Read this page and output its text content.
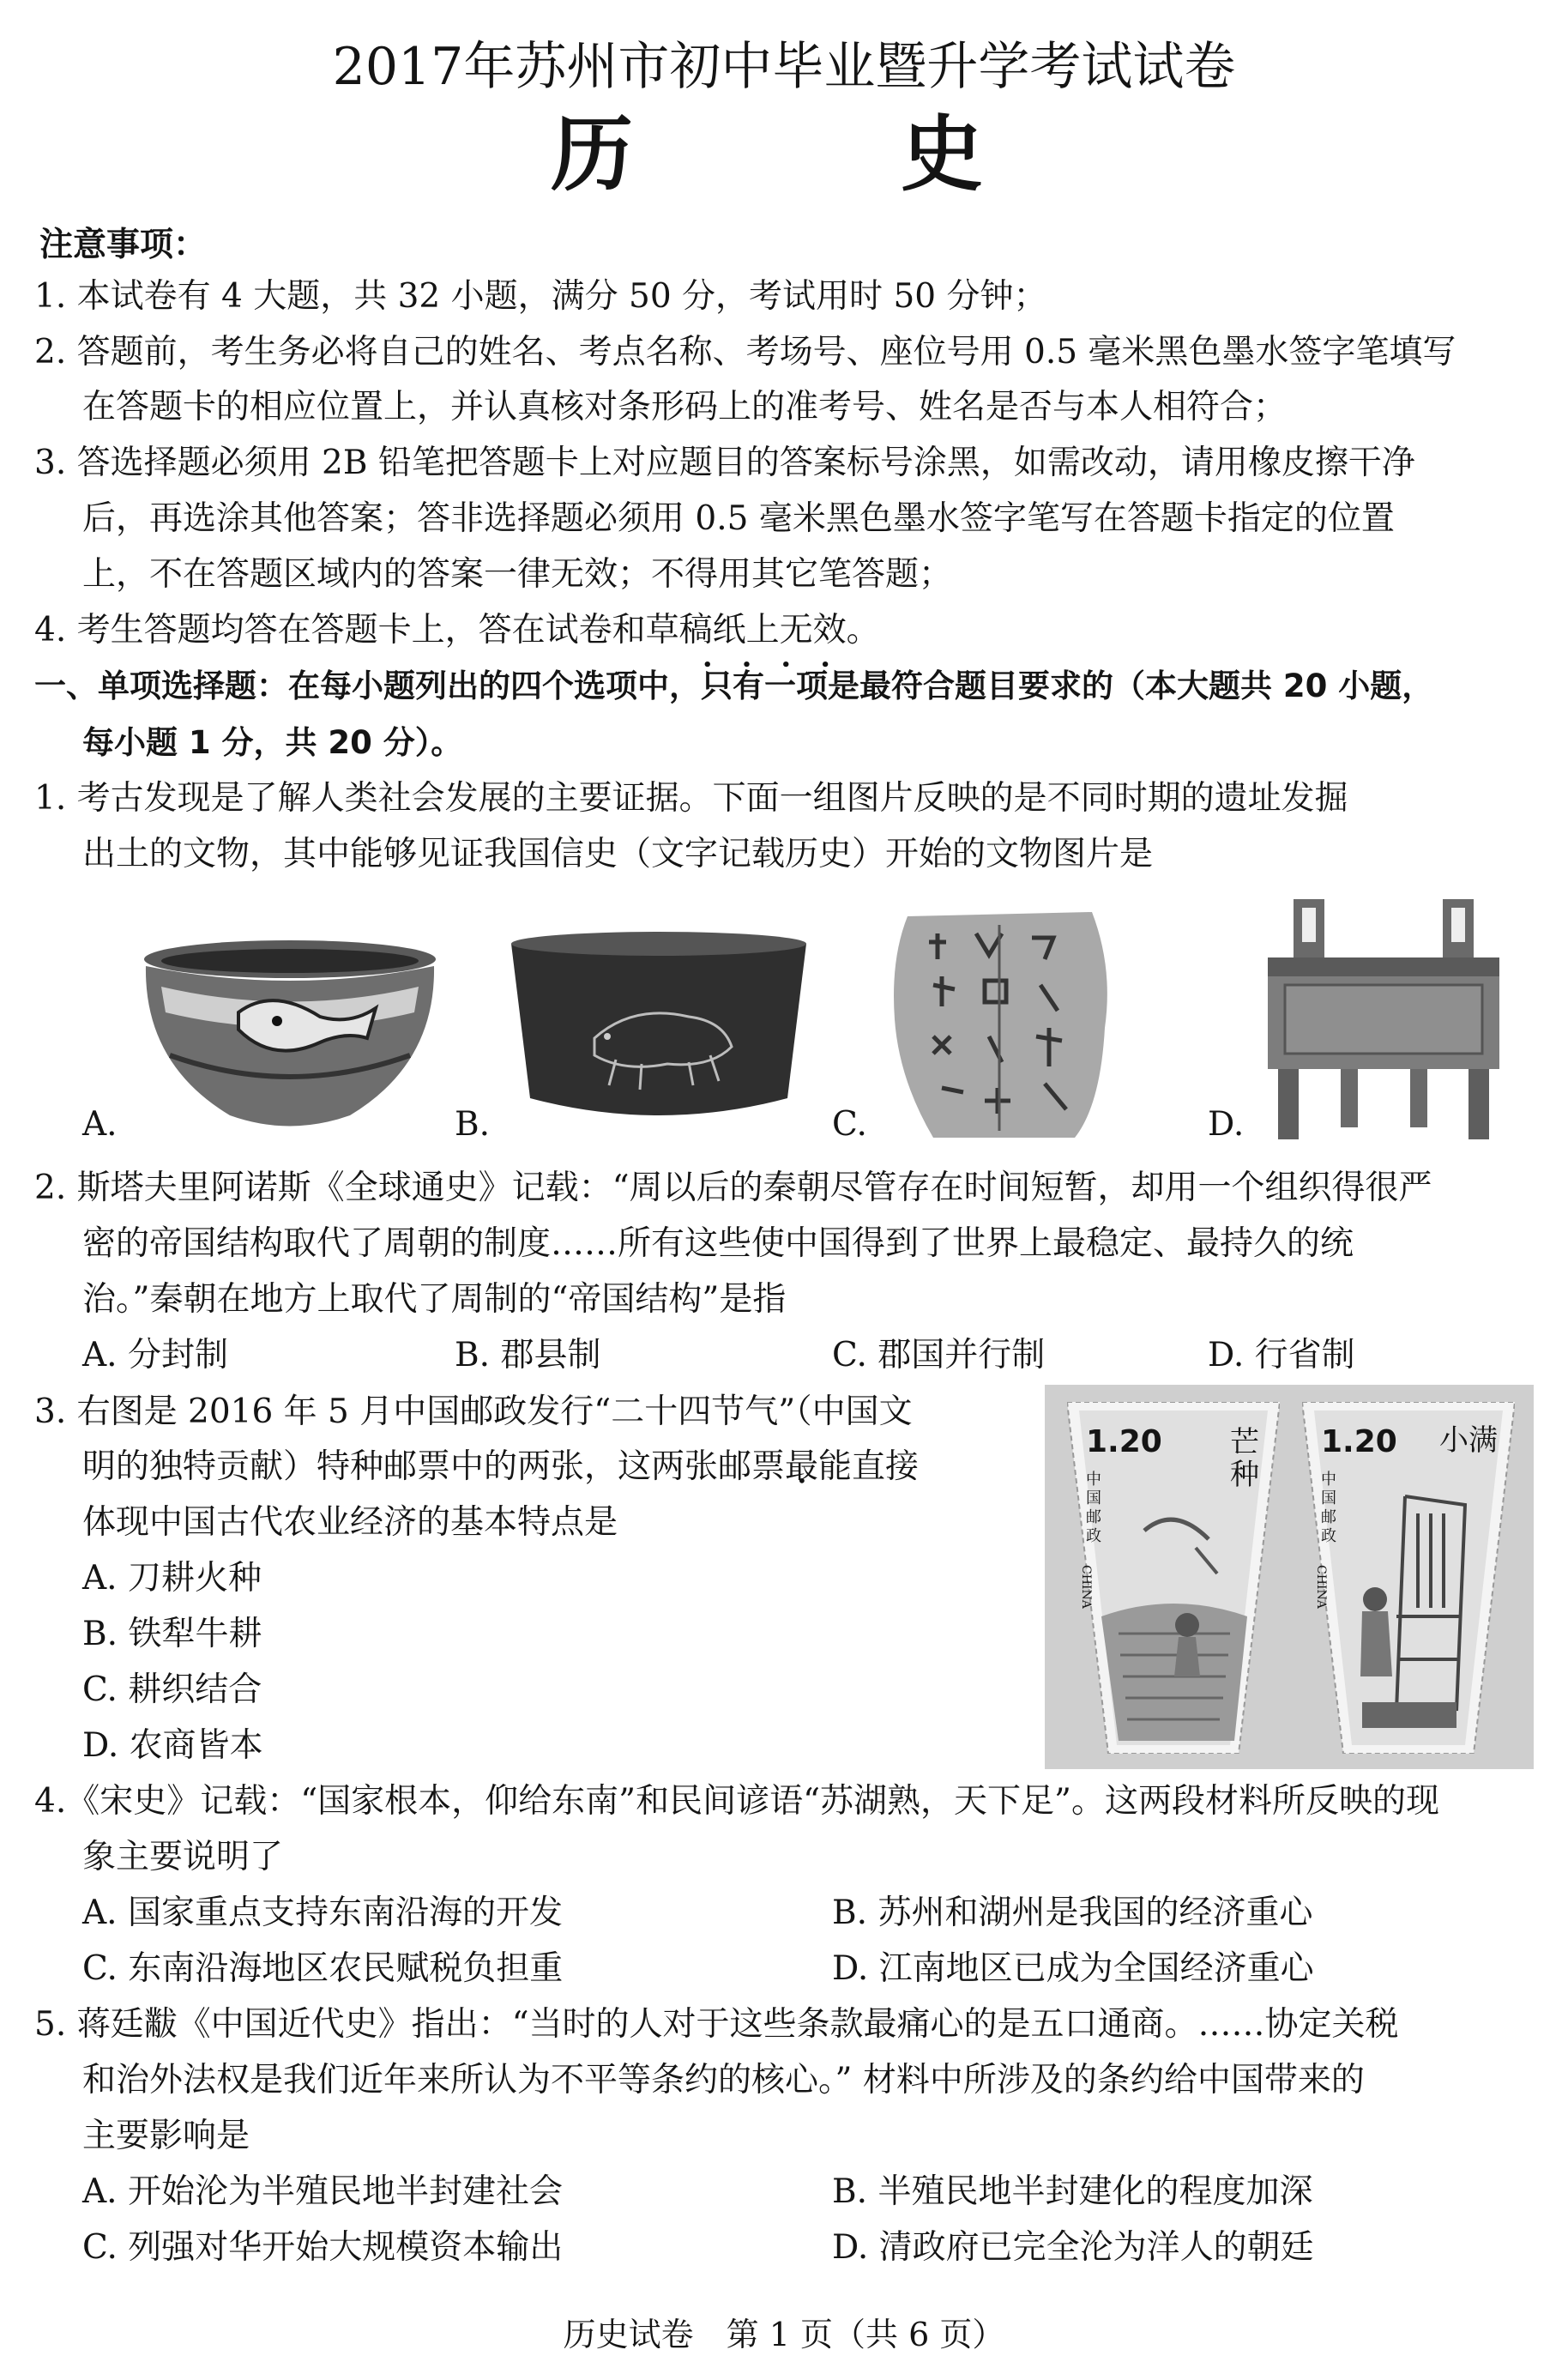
2017年苏州市初中毕业暨升学考试试卷
历　　史
注意事项：
1. 本试卷有 4 大题，共 32 小题，满分 50 分，考试用时 50 分钟；
2. 答题前，考生务必将自己的姓名、考点名称、考场号、座位号用 0.5 毫米黑色墨水签字笔填写
在答题卡的相应位置上，并认真核对条形码上的准考号、姓名是否与本人相符合；
3. 答选择题必须用 2B 铅笔把答题卡上对应题目的答案标号涂黑，如需改动，请用橡皮擦干净
后，再选涂其他答案；答非选择题必须用 0.5 毫米黑色墨水签字笔写在答题卡指定的位置
上，不在答题区域内的答案一律无效；不得用其它笔答题；
4. 考生答题均答在答题卡上，答在试卷和草稿纸上无效。
一、单项选择题：在每小题列出的四个选项中，只有一项 • • • •是最符合题目要求的（本大题共 20 小题，
每小题 1 分，共 20 分）。
1. 考古发现是了解人类社会发展的主要证据。下面一组图片反映的是不同时期的遗址发掘
出土的文物，其中能够见证我国信史（文字记载历史）开始的文物图片是
A.	B.	C.	D.
2. 斯塔夫里阿诺斯《全球通史》记载：“周以后的秦朝尽管存在时间短暂，却用一个组织得很严
密的帝国结构取代了周朝的制度……所有这些使中国得到了世界上最稳定、最持久的统
治。”秦朝在地方上取代了周制的“帝国结构”是指
A. 分封制	B. 郡县制	C. 郡国并行制	D. 行省制
3. 右图是 2016 年 5 月中国邮政发行“二十四节气”（中国文
明的独特贡献）特种邮票中的两张，这两张邮票最能直接
体现中国古代农业经济的基本特点是
A. 刀耕火种
B. 铁犁牛耕
C. 耕织结合
D. 农商皆本
1.20 芒种
中国邮政
CHINA
1.20 小满
中国邮政
CHINA
4.《宋史》记载：“国家根本，仰给东南”和民间谚语“苏湖熟，天下足”。这两段材料所反映的现
象主要说明了
A. 国家重点支持东南沿海的开发	B. 苏州和湖州是我国的经济重心
C. 东南沿海地区农民赋税负担重	D. 江南地区已成为全国经济重心
5. 蒋廷黻《中国近代史》指出：“当时的人对于这些条款最痛心的是五口通商。……协定关税
和治外法权是我们近年来所认为不平等条约的核心。” 材料中所涉及的条约给中国带来的
主要影响是
A. 开始沦为半殖民地半封建社会	B. 半殖民地半封建化的程度加深
C. 列强对华开始大规模资本输出	D. 清政府已完全沦为洋人的朝廷
历史试卷　第 1 页（共 6 页）
